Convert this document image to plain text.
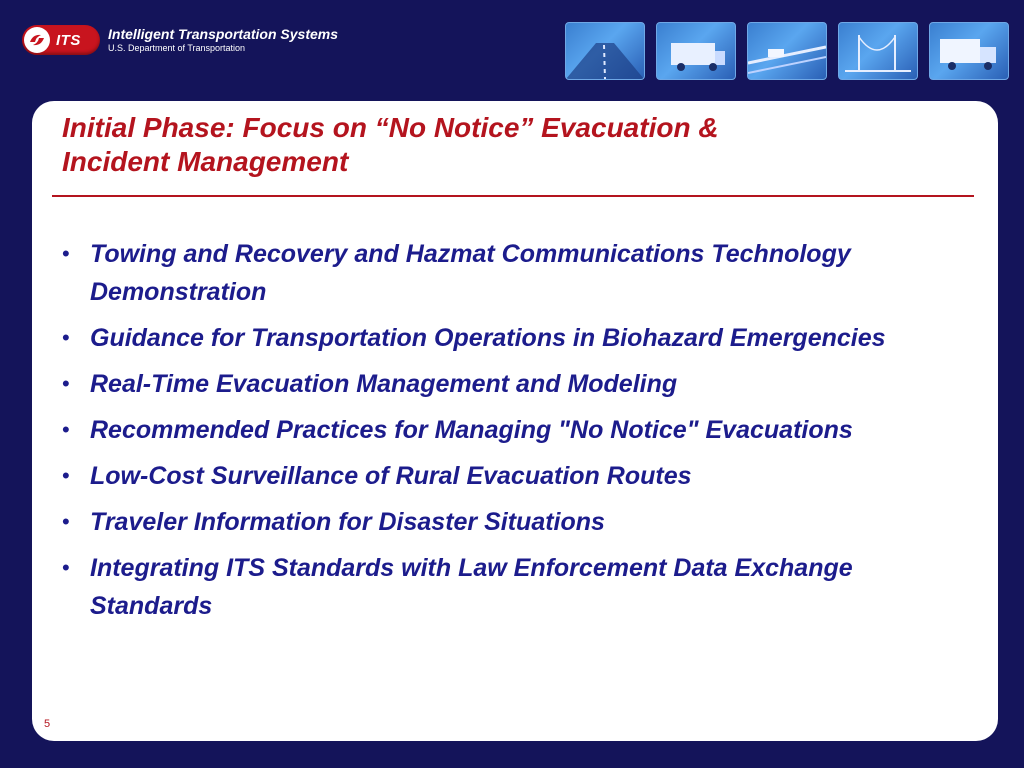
ITS Intelligent Transportation Systems
U.S. Department of Transportation
Initial Phase: Focus on “No Notice” Evacuation &
Incident Management
• Towing and Recovery and Hazmat Communications Technology Demonstration
• Guidance for Transportation Operations in Biohazard Emergencies
• Real-Time Evacuation Management and Modeling
• Recommended Practices for Managing "No Notice" Evacuations
• Low-Cost Surveillance of Rural Evacuation Routes
• Traveler Information for Disaster Situations
• Integrating ITS Standards with Law Enforcement Data Exchange Standards
5
